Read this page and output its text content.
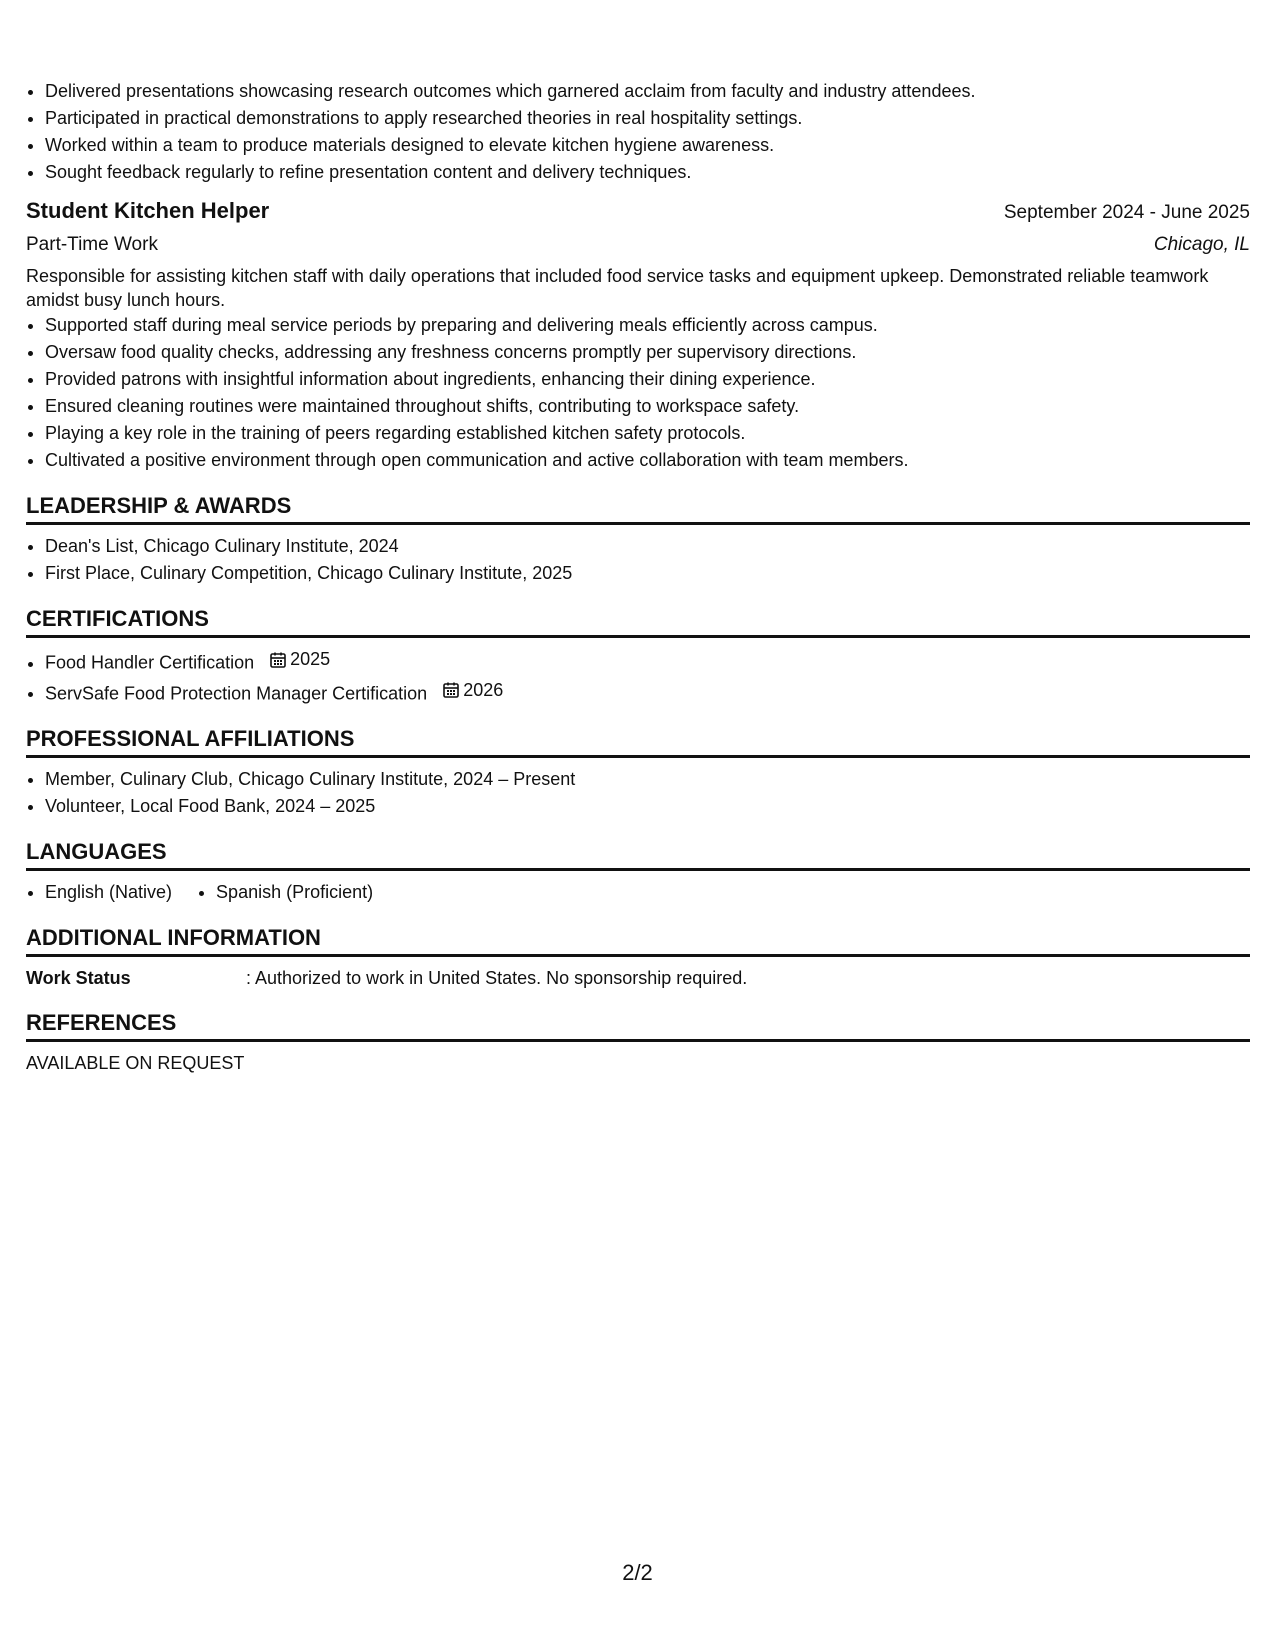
• Delivered presentations showcasing research outcomes which garnered acclaim from faculty and industry attendees.
• Participated in practical demonstrations to apply researched theories in real hospitality settings.
• Worked within a team to produce materials designed to elevate kitchen hygiene awareness.
• Sought feedback regularly to refine presentation content and delivery techniques.
Student Kitchen Helper	September 2024 - June 2025
Part-Time Work	Chicago, IL
Responsible for assisting kitchen staff with daily operations that included food service tasks and equipment upkeep. Demonstrated reliable teamwork amidst busy lunch hours.
• Supported staff during meal service periods by preparing and delivering meals efficiently across campus.
• Oversaw food quality checks, addressing any freshness concerns promptly per supervisory directions.
• Provided patrons with insightful information about ingredients, enhancing their dining experience.
• Ensured cleaning routines were maintained throughout shifts, contributing to workspace safety.
• Playing a key role in the training of peers regarding established kitchen safety protocols.
• Cultivated a positive environment through open communication and active collaboration with team members.
LEADERSHIP & AWARDS
• Dean's List, Chicago Culinary Institute, 2024
• First Place, Culinary Competition, Chicago Culinary Institute, 2025
CERTIFICATIONS
• Food Handler Certification 2025
• ServSafe Food Protection Manager Certification 2026
PROFESSIONAL AFFILIATIONS
• Member, Culinary Club, Chicago Culinary Institute, 2024 – Present
• Volunteer, Local Food Bank, 2024 – 2025
LANGUAGES
• English (Native)
• Spanish (Proficient)
ADDITIONAL INFORMATION
Work Status	: Authorized to work in United States. No sponsorship required.
REFERENCES
AVAILABLE ON REQUEST
2/2
